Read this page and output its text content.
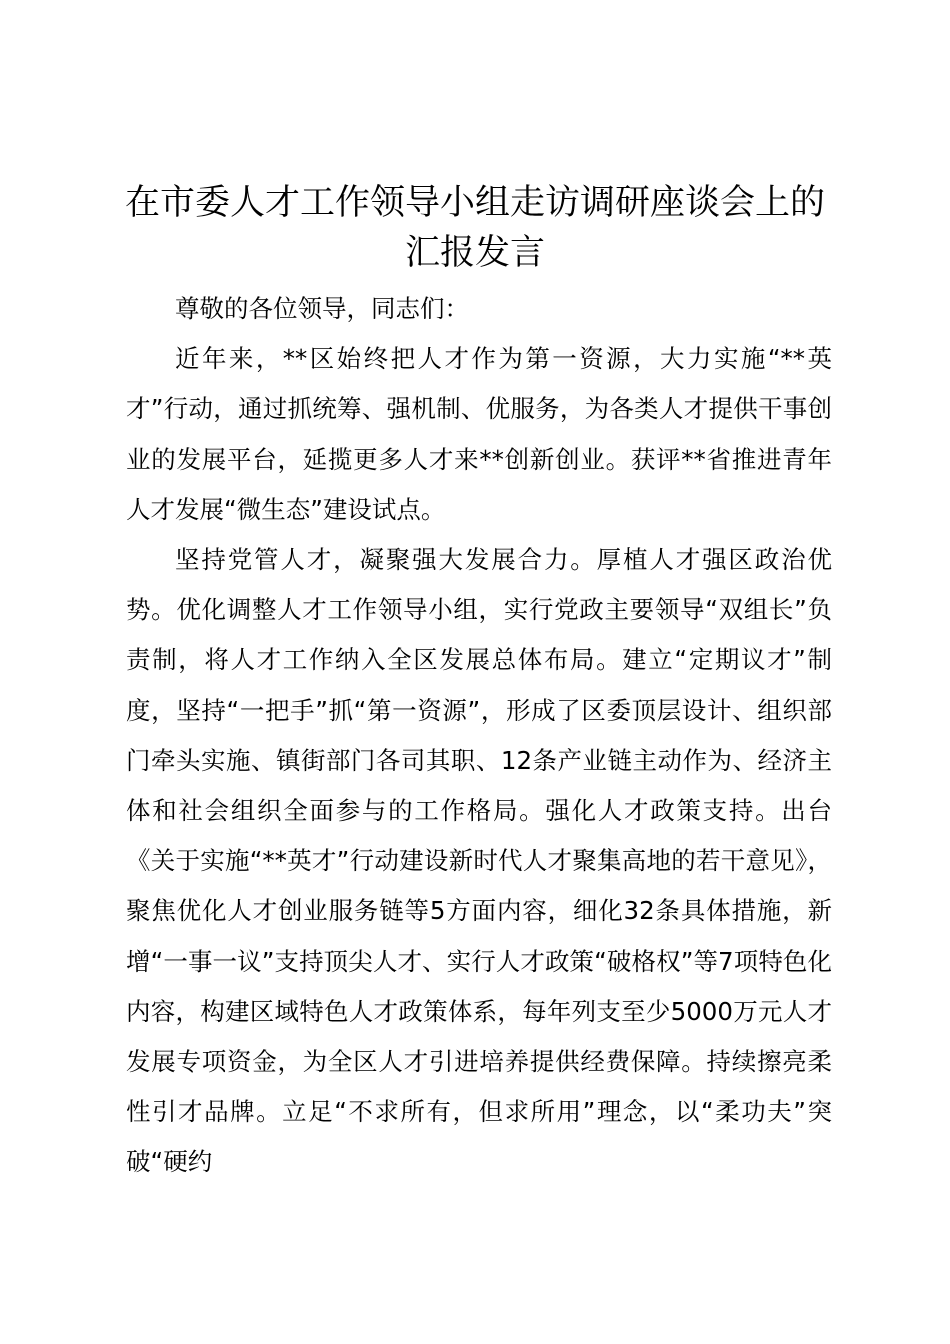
在市委人才工作领导小组走访调研座谈会上的汇报发言

尊敬的各位领导，同志们：

近年来，**区始终把人才作为第一资源，大力实施“**英才”行动，通过抓统筹、强机制、优服务，为各类人才提供干事创业的发展平台，延揽更多人才来**创新创业。获评**省推进青年人才发展“微生态”建设试点。

坚持党管人才，凝聚强大发展合力。厚植人才强区政治优势。优化调整人才工作领导小组，实行党政主要领导“双组长”负责制，将人才工作纳入全区发展总体布局。建立“定期议才”制度，坚持“一把手”抓“第一资源”，形成了区委顶层设计、组织部门牵头实施、镇街部门各司其职、12条产业链主动作为、经济主体和社会组织全面参与的工作格局。强化人才政策支持。出台《关于实施“**英才”行动建设新时代人才聚集高地的若干意见》，聚焦优化人才创业服务链等5方面内容，细化32条具体措施，新增“一事一议”支持顶尖人才、实行人才政策“破格权”等7项特色化内容，构建区域特色人才政策体系，每年列支至少5000万元人才发展专项资金，为全区人才引进培养提供经费保障。持续擦亮柔性引才品牌。立足“不求所有，但求所用”理念，以“柔功夫”突破“硬约
